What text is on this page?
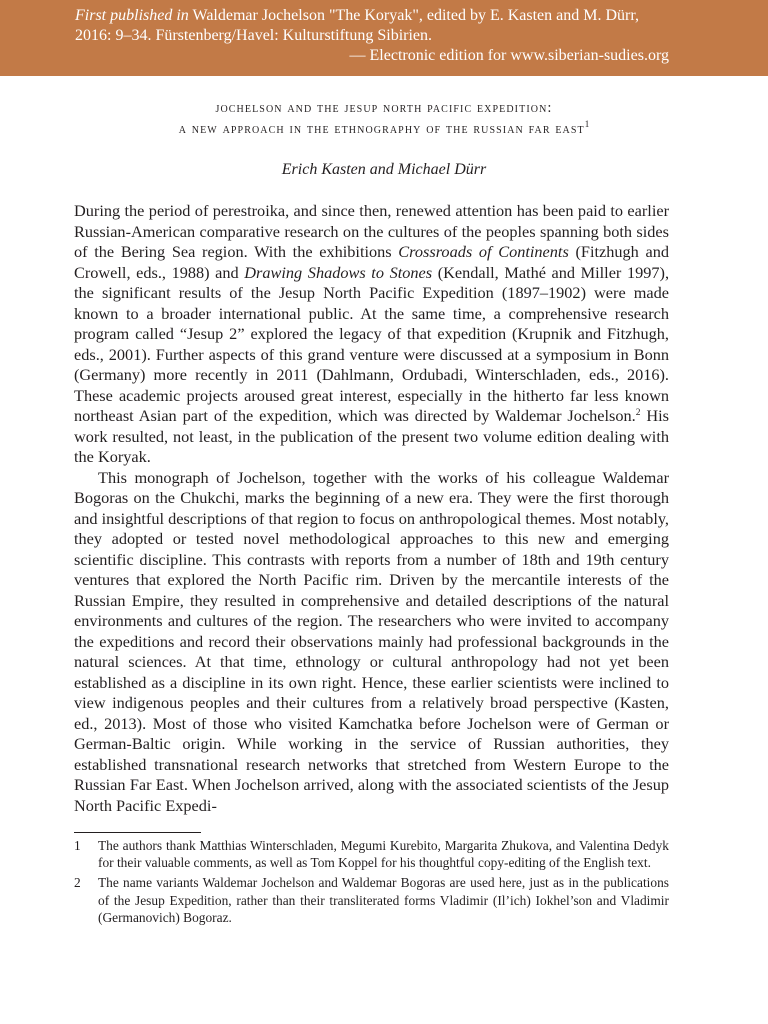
First published in Waldemar Jochelson "The Koryak", edited by E. Kasten and M. Dürr,
2016: 9–34. Fürstenberg/Havel: Kulturstiftung Sibirien.
— Electronic edition for www.siberian-sudies.org
jochelson and the jesup north pacific expedition:
a new approach in the ethnography of the russian far east$^1$
Erich Kasten and Michael Dürr

During the period of perestroika, and since then, renewed attention has been paid to earlier Russian-American comparative research on the cultures of the peoples spanning both sides of the Bering Sea region. With the exhibitions Crossroads of Continents (Fitzhugh and Crowell, eds., 1988) and Drawing Shadows to Stones (Kendall, Mathé and Miller 1997), the significant results of the Jesup North Pacific Expedition (1897–1902) were made known to a broader international public. At the same time, a comprehensive research program called “Jesup 2” explored the legacy of that expedition (Krupnik and Fitzhugh, eds., 2001). Further aspects of this grand venture were discussed at a symposium in Bonn (Germany) more recently in 2011 (Dahlmann, Ordubadi, Winterschladen, eds., 2016). These academic projects aroused great interest, especially in the hitherto far less known northeast Asian part of the expedition, which was directed by Waldemar Jochelson.$^2$ His work resulted, not least, in the publication of the present two volume edition dealing with the Koryak.

This monograph of Jochelson, together with the works of his colleague Waldemar Bogoras on the Chukchi, marks the beginning of a new era. They were the first thorough and insightful descriptions of that region to focus on anthropological themes. Most notably, they adopted or tested novel methodological approaches to this new and emerging scientific discipline. This contrasts with reports from a number of 18th and 19th century ventures that explored the North Pacific rim. Driven by the mercantile interests of the Russian Empire, they resulted in comprehensive and detailed descriptions of the natural environments and cultures of the region. The researchers who were invited to accompany the expeditions and record their observations mainly had professional backgrounds in the natural sciences. At that time, ethnology or cultural anthropology had not yet been established as a discipline in its own right. Hence, these earlier scientists were inclined to view indigenous peoples and their cultures from a relatively broad perspective (Kasten, ed., 2013). Most of those who visited Kamchatka before Jochelson were of German or German-Baltic origin. While working in the service of Russian authorities, they established transnational research networks that stretched from Western Europe to the Russian Far East. When Jochelson arrived, along with the associated scientists of the Jesup North Pacific Expedi-

1	The authors thank Matthias Winterschladen, Megumi Kurebito, Margarita Zhukova, and Valentina Dedyk for their valuable comments, as well as Tom Koppel for his thoughtful copy-editing of the English text.
2	The name variants Waldemar Jochelson and Waldemar Bogoras are used here, just as in the publications of the Jesup Expedition, rather than their transliterated forms Vladimir (Il’ich) Iokhel’son and Vladimir (Germanovich) Bogoraz.
